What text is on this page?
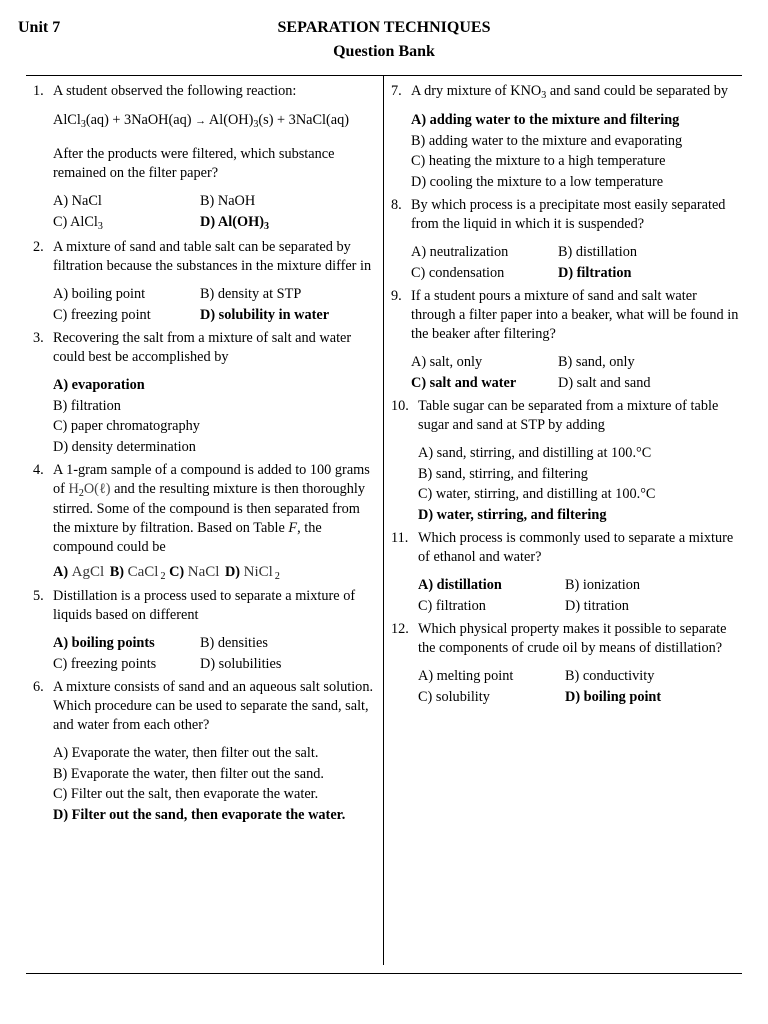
Unit 7	SEPARATION TECHNIQUES
Question Bank
1. A student observed the following reaction:
AlCl$_3$(aq) + 3NaOH(aq) → $Al(OH)_3(s)$ + 3NaCl(aq)
After the products were filtered, which substance remained on the filter paper?
A) NaCl	B) NaOH
C) AlCl$_3$	D) $Al(OH)_3$
2. A mixture of sand and table salt can be separated by filtration because the substances in the mixture differ in
A) boiling point	B) density at STP
C) freezing point	D) solubility in water
3. Recovering the salt from a mixture of salt and water could best be accomplished by
A) evaporation
B) filtration
C) paper chromatography
D) density determination
4. A 1-gram sample of a compound is added to 100 grams of $H_2O(\ell)$ and the resulting mixture is then thoroughly stirred. Some of the compound is then separated from the mixture by filtration. Based on Table F, the compound could be
A) AgCl B) CaCl $_2$ C) NaCl D) NiCl $_2$
5. Distillation is a process used to separate a mixture of liquids based on different
A) boiling points	B) densities
C) freezing points	D) solubilities
6. A mixture consists of sand and an aqueous salt solution. Which procedure can be used to separate the sand, salt, and water from each other?
A) Evaporate the water, then filter out the salt.
B) Evaporate the water, then filter out the sand.
C) Filter out the salt, then evaporate the water.
D) Filter out the sand, then evaporate the water.
7. A dry mixture of $KNO_3$ and sand could be separated by
A) adding water to the mixture and filtering
B) adding water to the mixture and evaporating
C) heating the mixture to a high temperature
D) cooling the mixture to a low temperature
8. By which process is a precipitate most easily separated from the liquid in which it is suspended?
A) neutralization	B) distillation
C) condensation	D) filtration
9. If a student pours a mixture of sand and salt water through a filter paper into a beaker, what will be found in the beaker after filtering?
A) salt, only	B) sand, only
C) salt and water	D) salt and sand
10. Table sugar can be separated from a mixture of table sugar and sand at STP by adding
A) sand, stirring, and distilling at 100.°C
B) sand, stirring, and filtering
C) water, stirring, and distilling at 100.°C
D) water, stirring, and filtering
11. Which process is commonly used to separate a mixture of ethanol and water?
A) distillation	B) ionization
C) filtration	D) titration
12. Which physical property makes it possible to separate the components of crude oil by means of distillation?
A) melting point	B) conductivity
C) solubility	D) boiling point
